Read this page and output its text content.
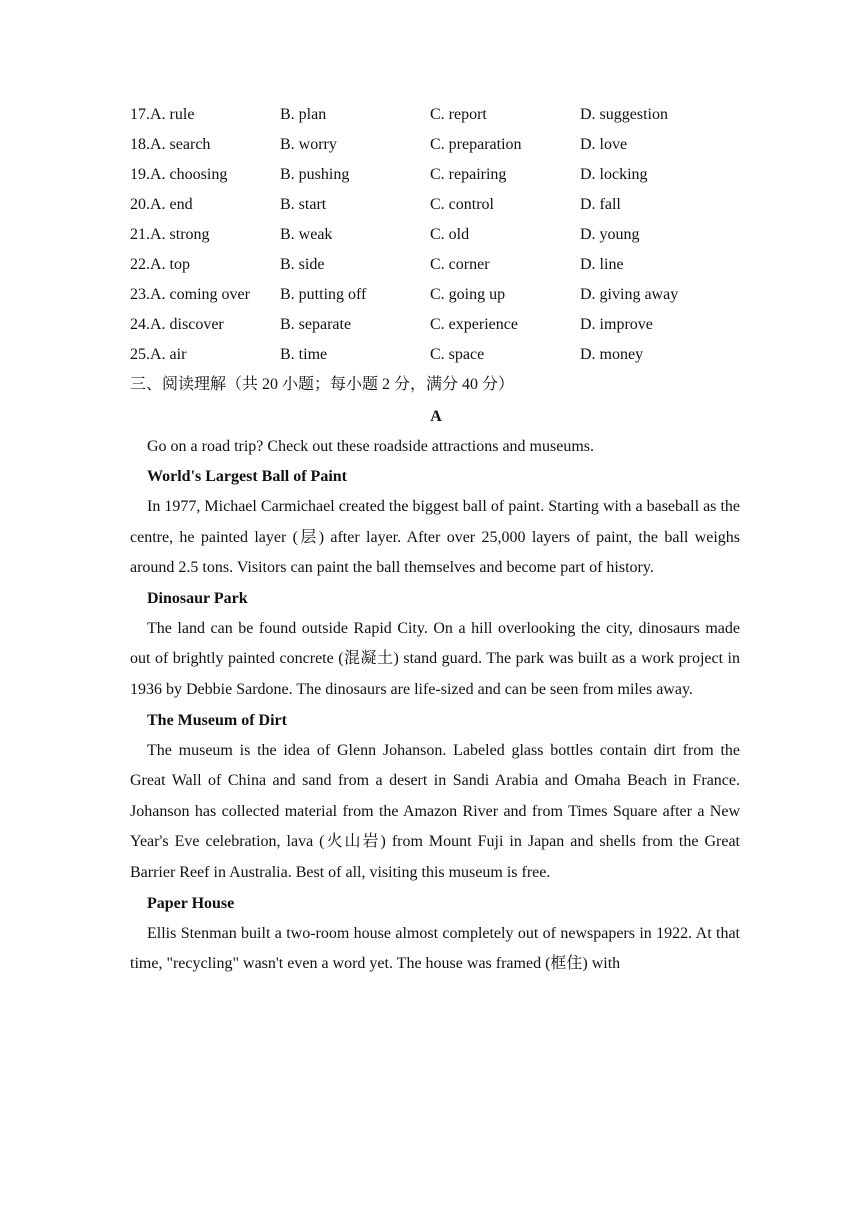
17.A. rule	B. plan	C. report	D. suggestion
18.A. search	B. worry	C. preparation	D. love
19.A. choosing	B. pushing	C. repairing	D. locking
20.A. end	B. start	C. control	D. fall
21.A. strong	B. weak	C. old	D. young
22.A. top	B. side	C. corner	D. line
23.A. coming over B. putting off	C. going up	D. giving away
24.A. discover	B. separate	C. experience	D. improve
25.A. air	B. time	C. space	D. money
三、阅读理解（共 20 小题；每小题 2 分，满分 40 分）
A

Go on a road trip? Check out these roadside attractions and museums.

World's Largest Ball of Paint

In 1977, Michael Carmichael created the biggest ball of paint. Starting with a baseball as the centre, he painted layer (层) after layer. After over 25,000 layers of paint, the ball weighs around 2.5 tons. Visitors can paint the ball themselves and become part of history.

Dinosaur Park

The land can be found outside Rapid City. On a hill overlooking the city, dinosaurs made out of brightly painted concrete (混凝土) stand guard. The park was built as a work project in 1936 by Debbie Sardone. The dinosaurs are life-sized and can be seen from miles away.

The Museum of Dirt

The museum is the idea of Glenn Johanson. Labeled glass bottles contain dirt from the Great Wall of China and sand from a desert in Sandi Arabia and Omaha Beach in France. Johanson has collected material from the Amazon River and from Times Square after a New Year's Eve celebration, lava (火山岩) from Mount Fuji in Japan and shells from the Great Barrier Reef in Australia. Best of all, visiting this museum is free.

Paper House

Ellis Stenman built a two-room house almost completely out of newspapers in 1922. At that time, "recycling" wasn't even a word yet. The house was framed (框住) with
